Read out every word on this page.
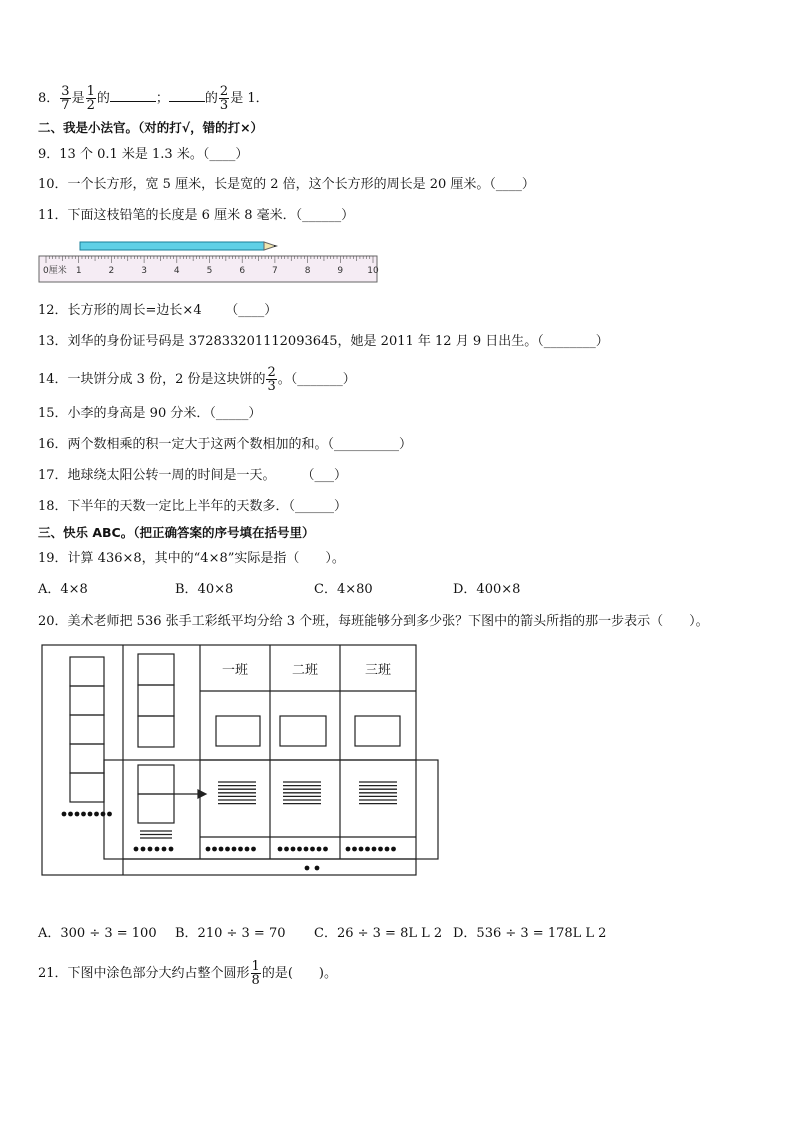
8． $\frac{3}{7}$ 是 $\frac{1}{2}$ 的	；	的 $\frac{2}{3}$ 是 1．
二、我是小法官。（对的打√，错的打×）
9．13 个 0.1 米是 1.3 米。（____）
10．一个长方形，宽 5 厘米，长是宽的 2 倍，这个长方形的周长是 20 厘米。（____）
11．下面这枝铅笔的长度是 6 厘米 8 毫米．（______）
0厘米 1	2	3	4	5	6	7	8	9	10
12．长方形的周长=边长×4 　　（____）
13．刘华的身份证号码是 372833201112093645，她是 2011 年 12 月 9 日出生。（________）
14．一块饼分成 3 份，2 份是这块饼的 $\frac{2}{3}$ 。（_______）
15．小李的身高是 90 分米．（_____）
16．两个数相乘的积一定大于这两个数相加的和。（__________）
17．地球绕太阳公转一周的时间是一天。　　　（___）
18．下半年的天数一定比上半年的天数多．（______）
三、快乐 ABC。（把正确答案的序号填在括号里）
19．计算 436×8，其中的“4×8”实际是指（　　）。
A．4×8	B．40×8	C．4×80	D．400×8
20．美术老师把 536 张手工彩纸平均分给 3 个班，每班能够分到多少张？下图中的箭头所指的那一步表示（　　）。
一班	二班	三班
A．300 ÷ 3 = 100 B．210 ÷ 3 = 70 C．26 ÷ 3 = 8L L 2 D．536 ÷ 3 = 178L L 2
21．下图中涂色部分大约占整个圆形 $\frac{1}{8}$ 的是(　　)。
